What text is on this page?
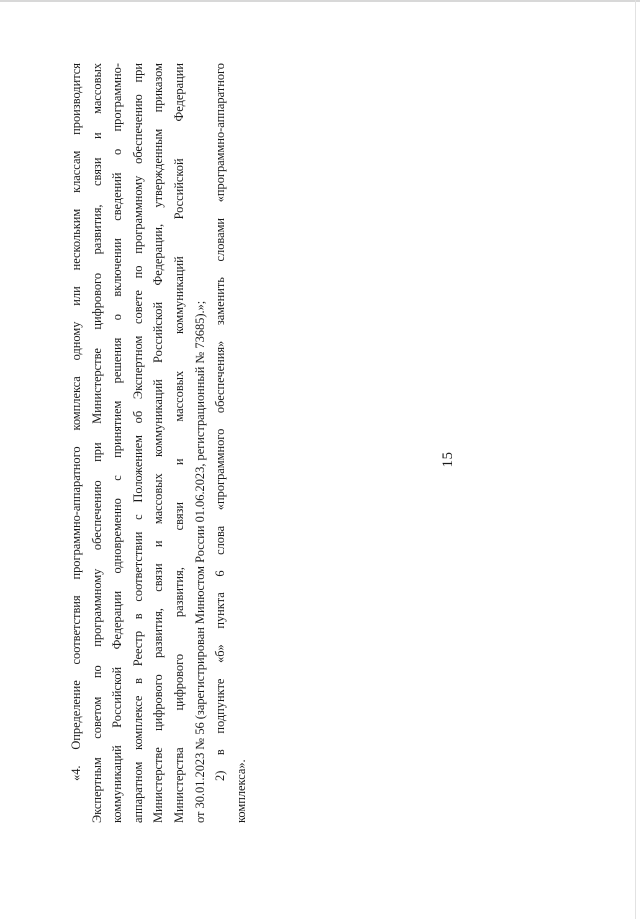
15
«4. Определение соответствия программно-аппаратного комплекса одному или нескольким классам производится Экспертным советом по программному обеспечению при Министерстве цифрового развития, связи и массовых коммуникаций Российской Федерации одновременно с принятием решения о включении сведений о программно- аппаратном комплексе в Реестр в соответствии с Положением об Экспертном совете по программному обеспечению при Министерстве цифрового развития, связи и массовых коммуникаций Российской Федерации, утвержденным приказом Министерства цифрового развития, связи и массовых коммуникаций Российской Федерации от 30.01.2023 № 56 (зарегистрирован Минюстом России 01.06.2023, регистрационный № 73685).»; 2) в подпункте «б» пункта 6 слова «программного обеспечения» заменить словами «программно-аппаратного
комплекса».
